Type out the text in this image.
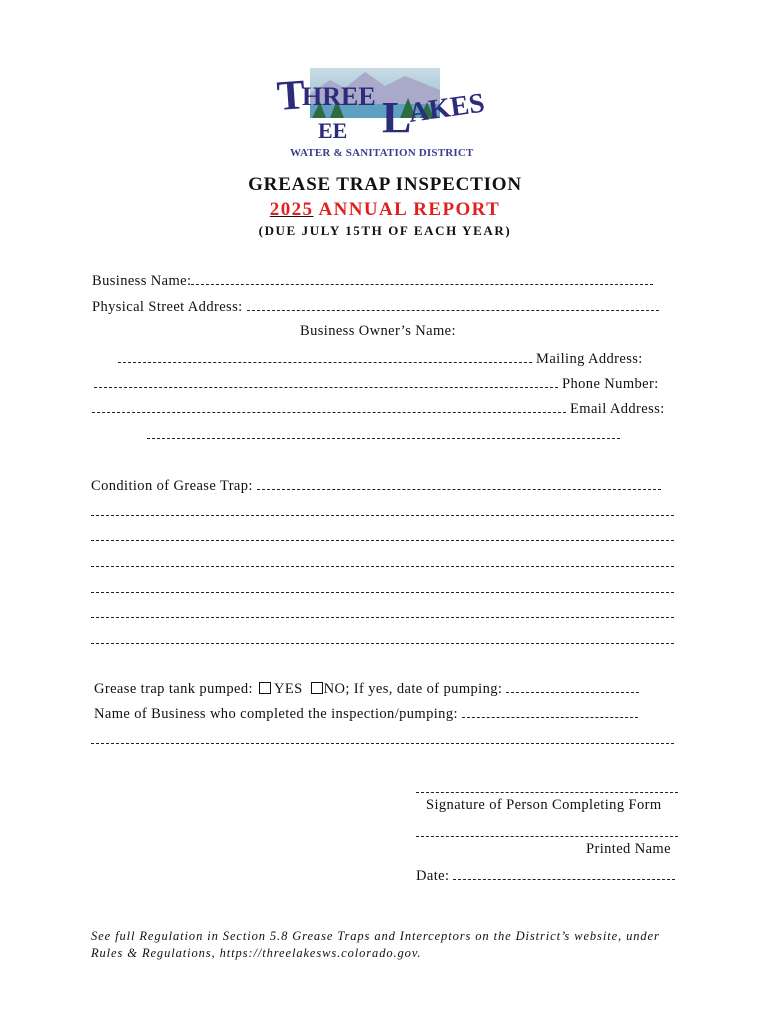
T
HREE L
AKES
EE
WATER & SANITATION DISTRICT
GREASE TRAP INSPECTION
2025 ANNUAL REPORT
(DUE JULY 15TH OF EACH YEAR)
Business Name:
Physical Street Address:
Business Owner’s Name:
Mailing Address:
Phone Number:
Email Address:
Condition of Grease Trap:
Grease trap tank pumped: YES NO; If yes, date of pumping:
Name of Business who completed the inspection/pumping:
Signature of Person Completing Form
Printed Name
Date:
See full Regulation in Section 5.8 Grease Traps and Interceptors on the District’s website, under Rules & Regulations, https://threelakesws.colorado.gov.
